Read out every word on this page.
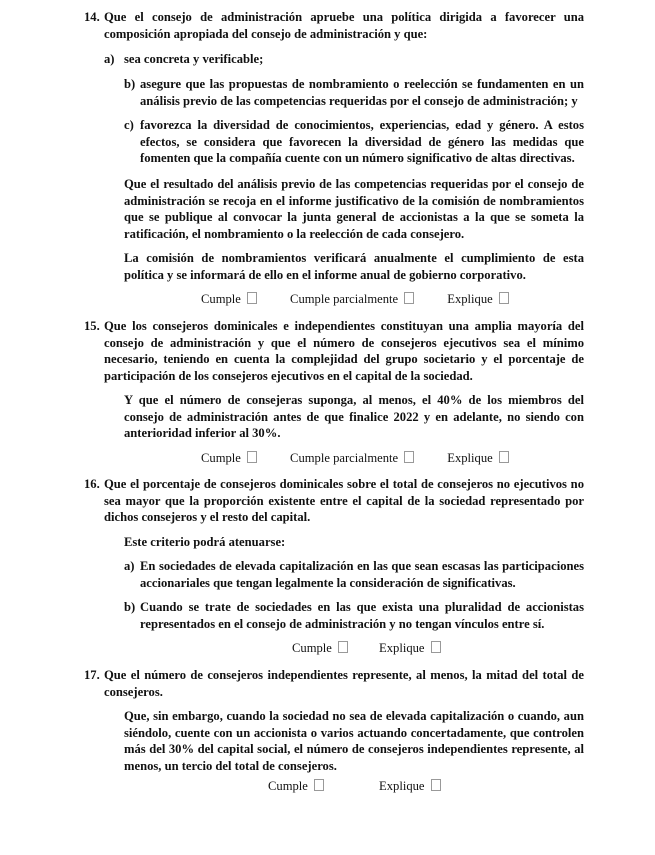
14. Que el consejo de administración apruebe una política dirigida a favorecer una composición apropiada del consejo de administración y que:

a) sea concreta y verificable;
b) asegure que las propuestas de nombramiento o reelección se fundamenten en un análisis previo de las competencias requeridas por el consejo de administración; y
c) favorezca la diversidad de conocimientos, experiencias, edad y género. A estos efectos, se considera que favorecen la diversidad de género las medidas que fomenten que la compañía cuente con un número significativo de altas directivas.
Que el resultado del análisis previo de las competencias requeridas por el consejo de administración se recoja en el informe justificativo de la comisión de nombramientos que se publique al convocar la junta general de accionistas a la que se someta la ratificación, el nombramiento o la reelección de cada consejero.
La comisión de nombramientos verificará anualmente el cumplimiento de esta política y se informará de ello en el informe anual de gobierno corporativo.
Cumple	Cumple parcialmente	Explique
15. Que los consejeros dominicales e independientes constituyan una amplia mayoría del consejo de administración y que el número de consejeros ejecutivos sea el mínimo necesario, teniendo en cuenta la complejidad del grupo societario y el porcentaje de participación de los consejeros ejecutivos en el capital de la sociedad.

Y que el número de consejeras suponga, al menos, el 40% de los miembros del consejo de administración antes de que finalice 2022 y en adelante, no siendo con anterioridad inferior al 30%.
Cumple	Cumple parcialmente	Explique
16. Que el porcentaje de consejeros dominicales sobre el total de consejeros no ejecutivos no sea mayor que la proporción existente entre el capital de la sociedad representado por dichos consejeros y el resto del capital.

Este criterio podrá atenuarse:
a) En sociedades de elevada capitalización en las que sean escasas las participaciones accionariales que tengan legalmente la consideración de significativas.
b) Cuando se trate de sociedades en las que exista una pluralidad de accionistas representados en el consejo de administración y no tengan vínculos entre sí.
Cumple	Explique
17. Que el número de consejeros independientes represente, al menos, la mitad del total de consejeros.

Que, sin embargo, cuando la sociedad no sea de elevada capitalización o cuando, aun siéndolo, cuente con un accionista o varios actuando concertadamente, que controlen más del 30% del capital social, el número de consejeros independientes represente, al menos, un tercio del total de consejeros.
Cumple	Explique
